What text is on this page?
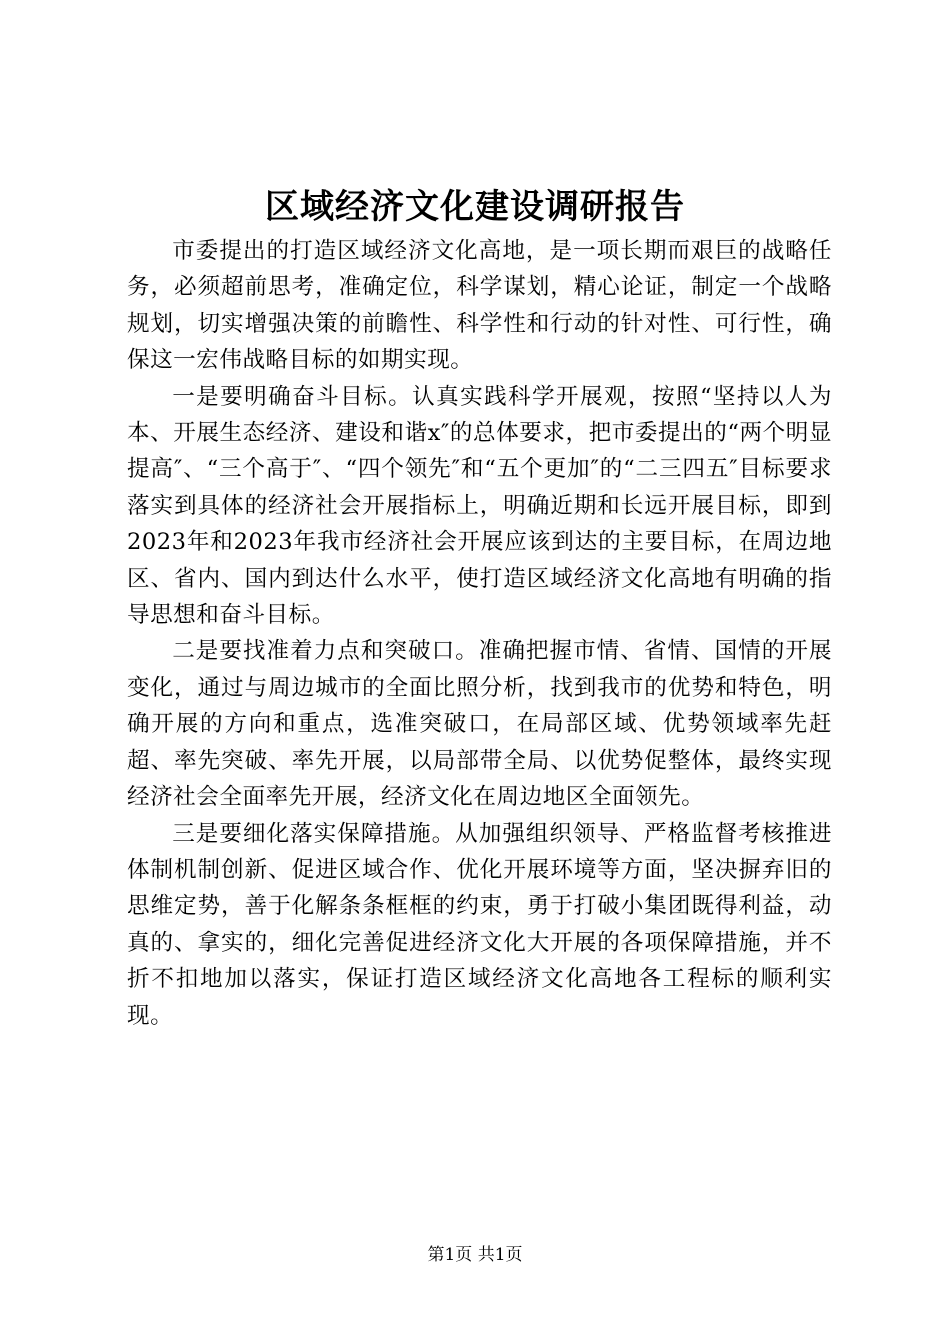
区域经济文化建设调研报告

市委提出的打造区域经济文化高地，是一项长期而艰巨的战略任务，必须超前思考，准确定位，科学谋划，精心论证，制定一个战略规划，切实增强决策的前瞻性、科学性和行动的针对性、可行性，确保这一宏伟战略目标的如期实现。

一是要明确奋斗目标。认真实践科学开展观，按照“坚持以人为本、开展生态经济、建设和谐x″的总体要求，把市委提出的“两个明显提高″、“三个高于″、“四个领先″和“五个更加″的“二三四五″目标要求落实到具体的经济社会开展指标上，明确近期和长远开展目标，即到2023年和2023年我市经济社会开展应该到达的主要目标，在周边地区、省内、国内到达什么水平，使打造区域经济文化高地有明确的指导思想和奋斗目标。

二是要找准着力点和突破口。准确把握市情、省情、国情的开展变化，通过与周边城市的全面比照分析，找到我市的优势和特色，明确开展的方向和重点，选准突破口，在局部区域、优势领域率先赶超、率先突破、率先开展，以局部带全局、以优势促整体，最终实现经济社会全面率先开展，经济文化在周边地区全面领先。

三是要细化落实保障措施。从加强组织领导、严格监督考核推进体制机制创新、促进区域合作、优化开展环境等方面，坚决摒弃旧的思维定势，善于化解条条框框的约束，勇于打破小集团既得利益，动真的、拿实的，细化完善促进经济文化大开展的各项保障措施，并不折不扣地加以落实，保证打造区域经济文化高地各工程标的顺利实现。

第1页 共1页
